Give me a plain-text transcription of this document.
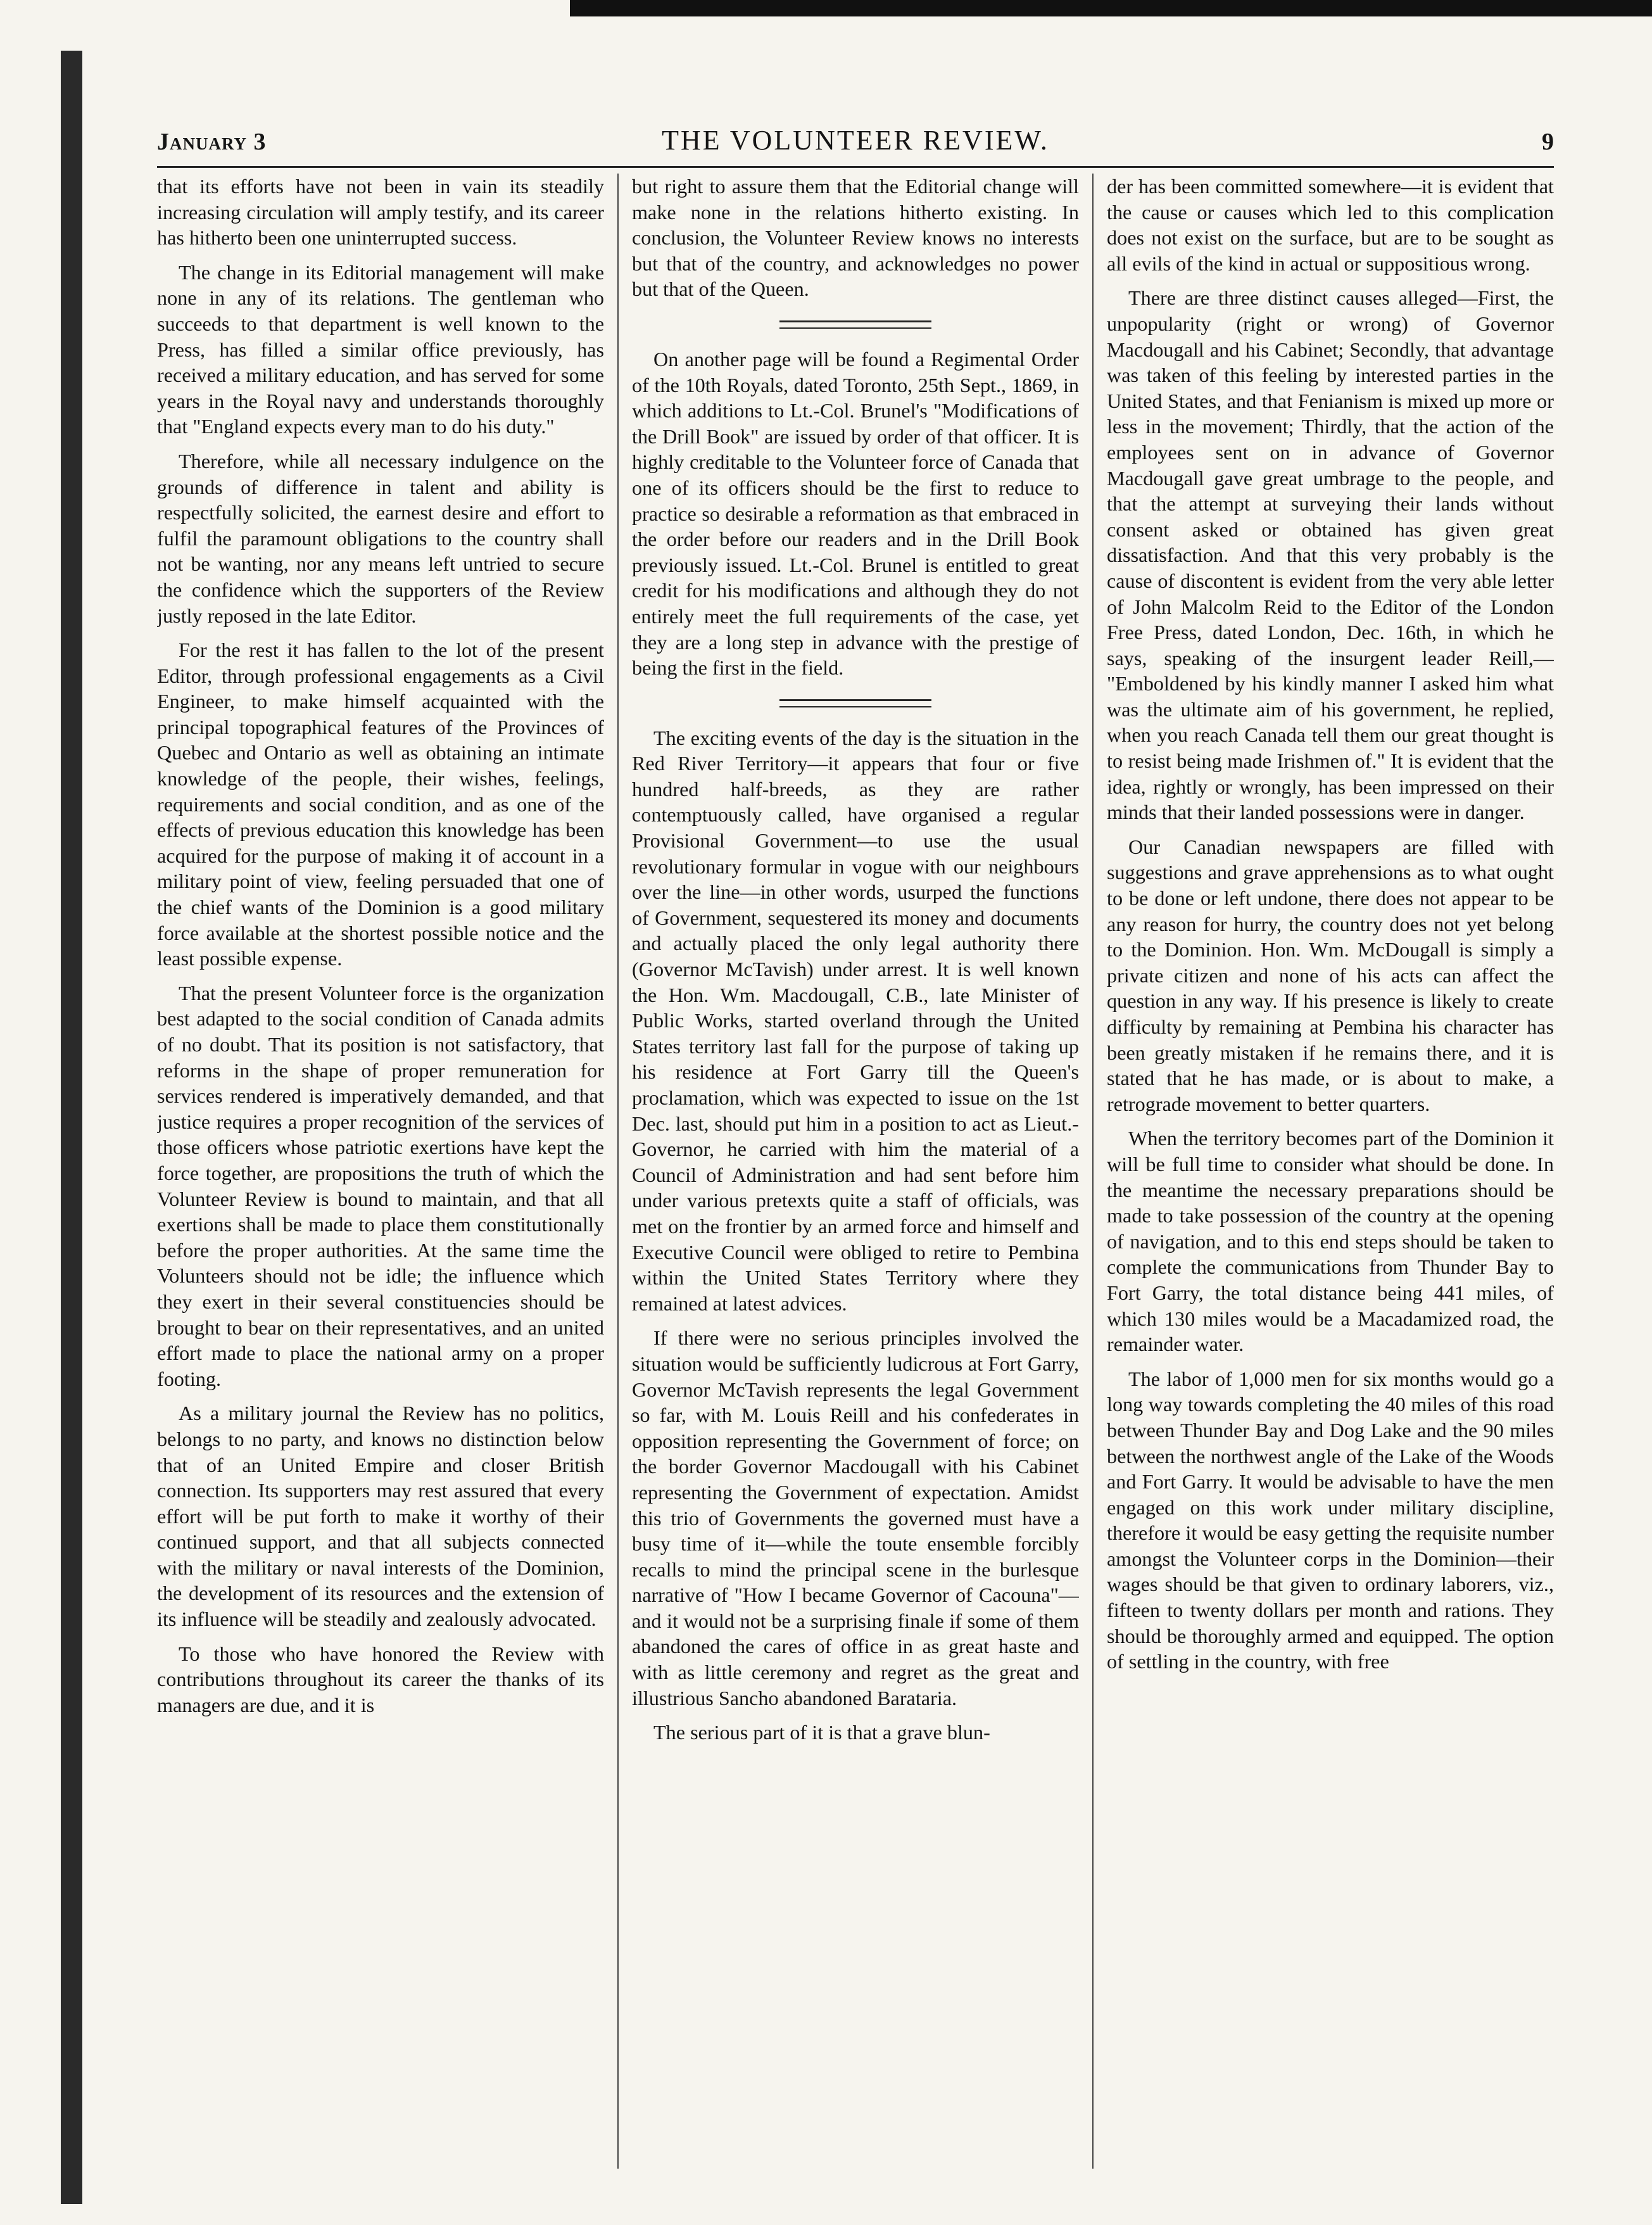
January 3	THE VOLUNTEER REVIEW.	9

that its efforts have not been in vain its steadily increasing circulation will amply testify, and its career has hitherto been one uninterrupted success.

The change in its Editorial management will make none in any of its relations. The gentleman who succeeds to that department is well known to the Press, has filled a similar office previously, has received a military education, and has served for some years in the Royal navy and understands thoroughly that "England expects every man to do his duty."

Therefore, while all necessary indulgence on the grounds of difference in talent and ability is respectfully solicited, the earnest desire and effort to fulfil the paramount obligations to the country shall not be wanting, nor any means left untried to secure the confidence which the supporters of the Review justly reposed in the late Editor.

For the rest it has fallen to the lot of the present Editor, through professional engagements as a Civil Engineer, to make himself acquainted with the principal topographical features of the Provinces of Quebec and Ontario as well as obtaining an intimate knowledge of the people, their wishes, feelings, requirements and social condition, and as one of the effects of previous education this knowledge has been acquired for the purpose of making it of account in a military point of view, feeling persuaded that one of the chief wants of the Dominion is a good military force available at the shortest possible notice and the least possible expense.

That the present Volunteer force is the organization best adapted to the social condition of Canada admits of no doubt. That its position is not satisfactory, that reforms in the shape of proper remuneration for services rendered is imperatively demanded, and that justice requires a proper recognition of the services of those officers whose patriotic exertions have kept the force together, are propositions the truth of which the Volunteer Review is bound to maintain, and that all exertions shall be made to place them constitutionally before the proper authorities. At the same time the Volunteers should not be idle; the influence which they exert in their several constituencies should be brought to bear on their representatives, and an united effort made to place the national army on a proper footing.

As a military journal the Review has no politics, belongs to no party, and knows no distinction below that of an United Empire and closer British connection. Its supporters may rest assured that every effort will be put forth to make it worthy of their continued support, and that all subjects connected with the military or naval interests of the Dominion, the development of its resources and the extension of its influence will be steadily and zealously advocated.

To those who have honored the Review with contributions throughout its career the thanks of its managers are due, and it is

but right to assure them that the Editorial change will make none in the relations hitherto existing. In conclusion, the Volunteer Review knows no interests but that of the country, and acknowledges no power but that of the Queen.

On another page will be found a Regimental Order of the 10th Royals, dated Toronto, 25th Sept., 1869, in which additions to Lt.-Col. Brunel's "Modifications of the Drill Book" are issued by order of that officer. It is highly creditable to the Volunteer force of Canada that one of its officers should be the first to reduce to practice so desirable a reformation as that embraced in the order before our readers and in the Drill Book previously issued. Lt.-Col. Brunel is entitled to great credit for his modifications and although they do not entirely meet the full requirements of the case, yet they are a long step in advance with the prestige of being the first in the field.

The exciting events of the day is the situation in the Red River Territory—it appears that four or five hundred half-breeds, as they are rather contemptuously called, have organised a regular Provisional Government—to use the usual revolutionary formular in vogue with our neighbours over the line—in other words, usurped the functions of Government, sequestered its money and documents and actually placed the only legal authority there (Governor McTavish) under arrest. It is well known the Hon. Wm. Macdougall, C.B., late Minister of Public Works, started overland through the United States territory last fall for the purpose of taking up his residence at Fort Garry till the Queen's proclamation, which was expected to issue on the 1st Dec. last, should put him in a position to act as Lieut.-Governor, he carried with him the material of a Council of Administration and had sent before him under various pretexts quite a staff of officials, was met on the frontier by an armed force and himself and Executive Council were obliged to retire to Pembina within the United States Territory where they remained at latest advices.

If there were no serious principles involved the situation would be sufficiently ludicrous at Fort Garry, Governor McTavish represents the legal Government so far, with M. Louis Reill and his confederates in opposition representing the Government of force; on the border Governor Macdougall with his Cabinet representing the Government of expectation. Amidst this trio of Governments the governed must have a busy time of it—while the toute ensemble forcibly recalls to mind the principal scene in the burlesque narrative of "How I became Governor of Cacouna"—and it would not be a surprising finale if some of them abandoned the cares of office in as great haste and with as little ceremony and regret as the great and illustrious Sancho abandoned Barataria.

The serious part of it is that a grave blun-

der has been committed somewhere—it is evident that the cause or causes which led to this complication does not exist on the surface, but are to be sought as all evils of the kind in actual or suppositious wrong.

There are three distinct causes alleged—First, the unpopularity (right or wrong) of Governor Macdougall and his Cabinet; Secondly, that advantage was taken of this feeling by interested parties in the United States, and that Fenianism is mixed up more or less in the movement; Thirdly, that the action of the employees sent on in advance of Governor Macdougall gave great umbrage to the people, and that the attempt at surveying their lands without consent asked or obtained has given great dissatisfaction. And that this very probably is the cause of discontent is evident from the very able letter of John Malcolm Reid to the Editor of the London Free Press, dated London, Dec. 16th, in which he says, speaking of the insurgent leader Reill,— "Emboldened by his kindly manner I asked him what was the ultimate aim of his government, he replied, when you reach Canada tell them our great thought is to resist being made Irishmen of." It is evident that the idea, rightly or wrongly, has been impressed on their minds that their landed possessions were in danger.

Our Canadian newspapers are filled with suggestions and grave apprehensions as to what ought to be done or left undone, there does not appear to be any reason for hurry, the country does not yet belong to the Dominion. Hon. Wm. McDougall is simply a private citizen and none of his acts can affect the question in any way. If his presence is likely to create difficulty by remaining at Pembina his character has been greatly mistaken if he remains there, and it is stated that he has made, or is about to make, a retrograde movement to better quarters.

When the territory becomes part of the Dominion it will be full time to consider what should be done. In the meantime the necessary preparations should be made to take possession of the country at the opening of navigation, and to this end steps should be taken to complete the communications from Thunder Bay to Fort Garry, the total distance being 441 miles, of which 130 miles would be a Macadamized road, the remainder water.

The labor of 1,000 men for six months would go a long way towards completing the 40 miles of this road between Thunder Bay and Dog Lake and the 90 miles between the northwest angle of the Lake of the Woods and Fort Garry. It would be advisable to have the men engaged on this work under military discipline, therefore it would be easy getting the requisite number amongst the Volunteer corps in the Dominion—their wages should be that given to ordinary laborers, viz., fifteen to twenty dollars per month and rations. They should be thoroughly armed and equipped. The option of settling in the country, with free
